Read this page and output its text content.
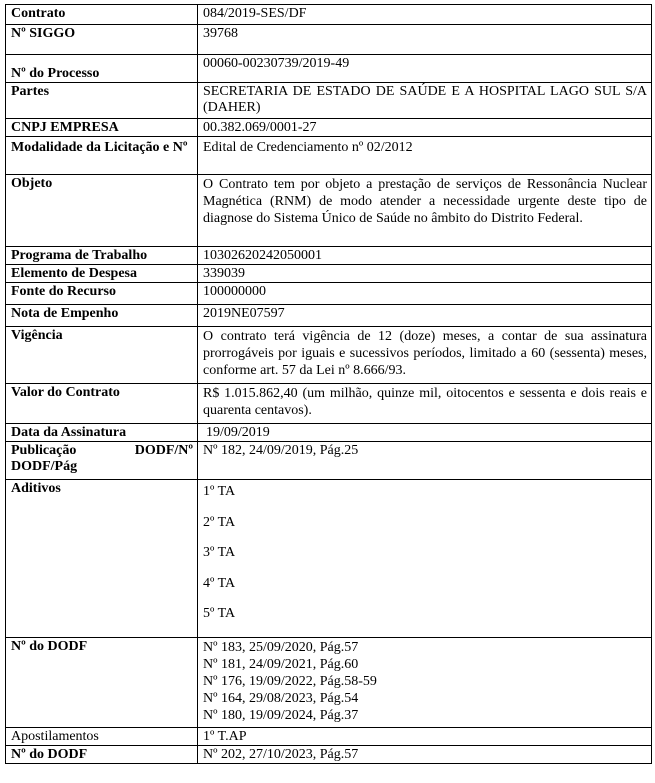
Contrato	084/2019-SES/DF
Nº SIGGO	39768
Nº do Processo	00060-00230739/2019-49
Partes	SECRETARIA DE ESTADO DE SAÚDE E A HOSPITAL LAGO SUL S/A (DAHER)
CNPJ EMPRESA	00.382.069/0001-27
Modalidade da Licitação e Nº	Edital de Credenciamento nº 02/2012
Objeto	O Contrato tem por objeto a prestação de serviços de Ressonância Nuclear Magnética (RNM) de modo atender a necessidade urgente deste tipo de diagnose do Sistema Único de Saúde no âmbito do Distrito Federal.
Programa de Trabalho	10302620242050001
Elemento de Despesa	339039
Fonte do Recurso	100000000
Nota de Empenho	2019NE07597
Vigência	O contrato terá vigência de 12 (doze) meses, a contar de sua assinatura prorrogáveis por iguais e sucessivos períodos, limitado a 60 (sessenta) meses, conforme art. 57 da Lei nº 8.666/93.
Valor do Contrato	R$ 1.015.862,40 (um milhão, quinze mil, oitocentos e sessenta e dois reais e quarenta centavos).
Data da Assinatura	19/09/2019
Publicação DODF/Nº DODF/Pág	Nº 182, 24/09/2019, Pág.25
Aditivos	1º TA
2º TA
3º TA
4º TA
5º TA

Nº do DODF	Nº 183, 25/09/2020, Pág.57
Nº 181, 24/09/2021, Pág.60
Nº 176, 19/09/2022, Pág.58-59
Nº 164, 29/08/2023, Pág.54
Nº 180, 19/09/2024, Pág.37

Apostilamentos	1º T.AP
Nº do DODF	Nº 202, 27/10/2023, Pág.57
